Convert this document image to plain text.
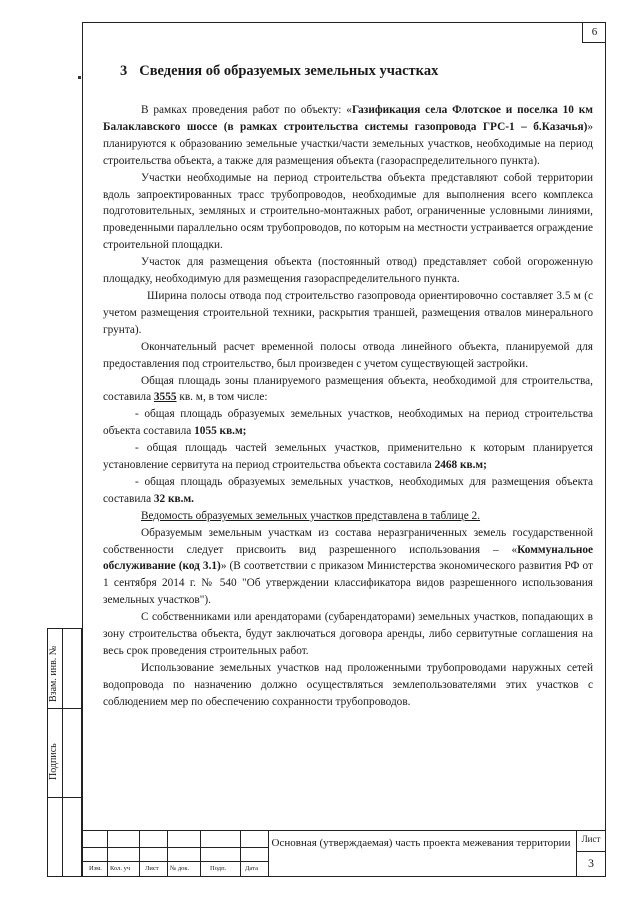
6
Взам. инв. №
Подпись
3 Сведения об образуемых земельных участках

В рамках проведения работ по объекту: «Газификация села Флотское и поселка 10 км Балаклавского шоссе (в рамках строительства системы газопровода ГРС-1 – б.Казачья)» планируются к образованию земельные участки/части земельных участков, необходимые на период строительства объекта, а также для размещения объекта (газораспределительного пункта).

Участки необходимые на период строительства объекта представляют собой территории вдоль запроектированных трасс трубопроводов, необходимые для выполнения всего комплекса подготовительных, земляных и строительно-монтажных работ, ограниченные условными линиями, проведенными параллельно осям трубопроводов, по которым на местности устраивается ограждение строительной площадки.

Участок для размещения объекта (постоянный отвод) представляет собой огороженную площадку, необходимую для размещения газораспределительного пункта.

Ширина полосы отвода под строительство газопровода ориентировочно составляет 3.5 м (с учетом размещения строительной техники, раскрытия траншей, размещения отвалов минерального грунта).

Окончательный расчет временной полосы отвода линейного объекта, планируемой для предоставления под строительство, был произведен с учетом существующей застройки.

Общая площадь зоны планируемого размещения объекта, необходимой для строительства, составила 3555 кв. м, в том числе:

- общая площадь образуемых земельных участков, необходимых на период строительства объекта составила 1055 кв.м;

- общая площадь частей земельных участков, применительно к которым планируется установление сервитута на период строительства объекта составила 2468 кв.м;

- общая площадь образуемых земельных участков, необходимых для размещения объекта составила 32 кв.м.

Ведомость образуемых земельных участков представлена в таблице 2.

Образуемым земельным участкам из состава неразграниченных земель государственной собственности следует присвоить вид разрешенного использования – «Коммунальное обслуживание (код 3.1)» (В соответствии с приказом Министерства экономического развития РФ от 1 сентября 2014 г. № 540 "Об утверждении классификатора видов разрешенного использования земельных участков").

С собственниками или арендаторами (субарендаторами) земельных участков, попадающих в зону строительства объекта, будут заключаться договора аренды, либо сервитутные соглашения на весь срок проведения строительных работ.

Использование земельных участков над проложенными трубопроводами наружных сетей водопровода по назначению должно осуществляться землепользователями этих участков с соблюдением мер по обеспечению сохранности трубопроводов.

Изм. Кол. уч Лист № док.	Подп.	Дата
Основная (утверждаемая) часть проекта межевания территории	Лист
3
